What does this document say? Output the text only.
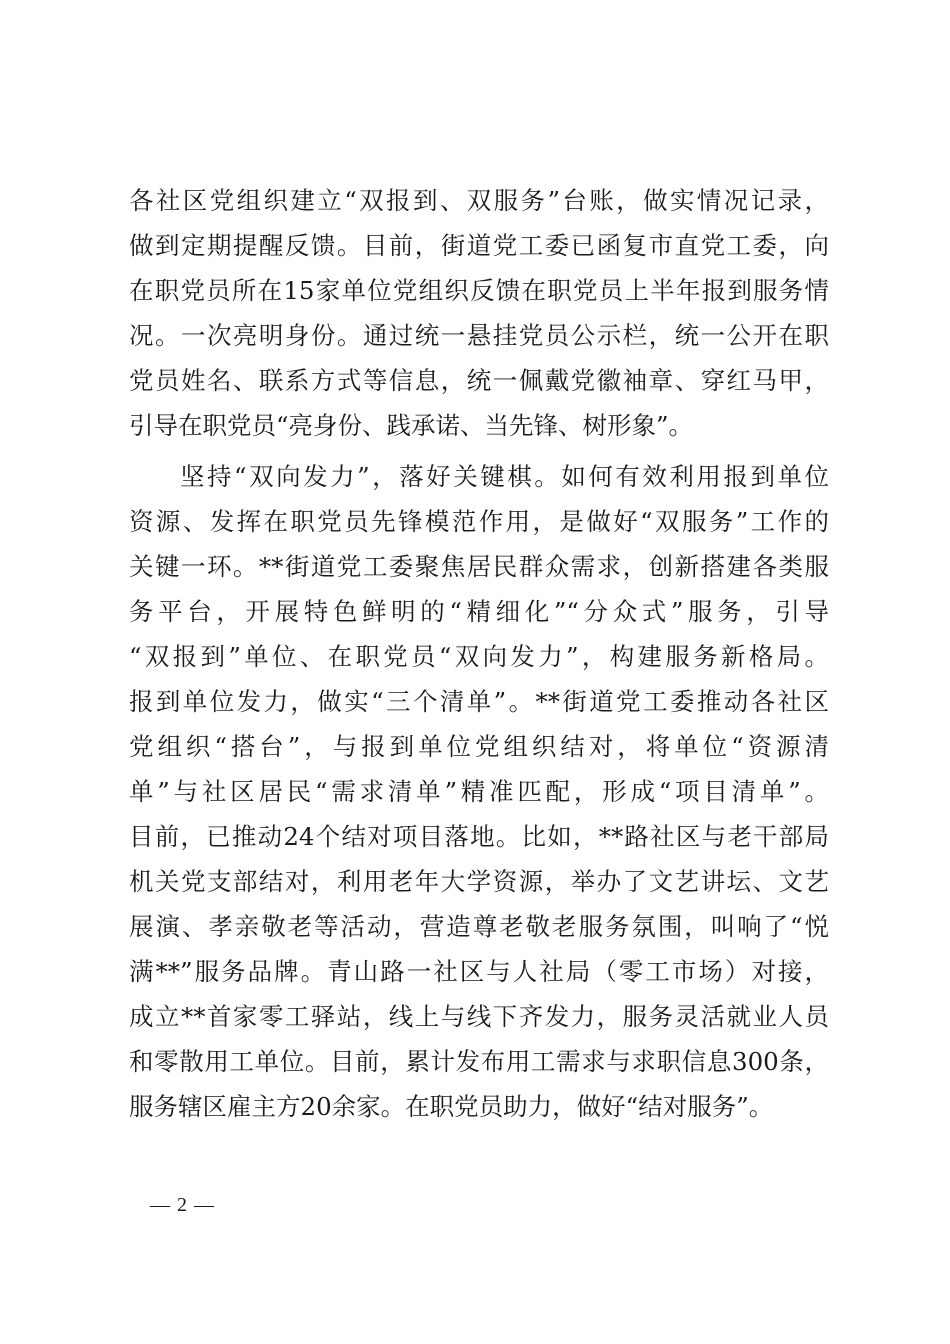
各社区党组织建立“双报到、双服务”台账，做实情况记录，
做到定期提醒反馈。目前，街道党工委已函复市直党工委，向
在职党员所在15家单位党组织反馈在职党员上半年报到服务情
况。一次亮明身份。通过统一悬挂党员公示栏，统一公开在职
党员姓名、联系方式等信息，统一佩戴党徽袖章、穿红马甲，
引导在职党员“亮身份、践承诺、当先锋、树形象”。
坚持“双向发力”，落好关键棋。如何有效利用报到单位
资源、发挥在职党员先锋模范作用，是做好“双服务”工作的
关键一环。**街道党工委聚焦居民群众需求，创新搭建各类服
务平台，开展特色鲜明的“精细化”“分众式”服务，引导
“双报到”单位、在职党员“双向发力”，构建服务新格局。
报到单位发力，做实“三个清单”。**街道党工委推动各社区
党组织“搭台”，与报到单位党组织结对，将单位“资源清
单”与社区居民“需求清单”精准匹配，形成“项目清单”。
目前，已推动24个结对项目落地。比如，**路社区与老干部局
机关党支部结对，利用老年大学资源，举办了文艺讲坛、文艺
展演、孝亲敬老等活动，营造尊老敬老服务氛围，叫响了“悦
满**”服务品牌。青山路一社区与人社局（零工市场）对接，
成立**首家零工驿站，线上与线下齐发力，服务灵活就业人员
和零散用工单位。目前，累计发布用工需求与求职信息300条，
服务辖区雇主方20余家。在职党员助力，做好“结对服务”。
— 2 —
